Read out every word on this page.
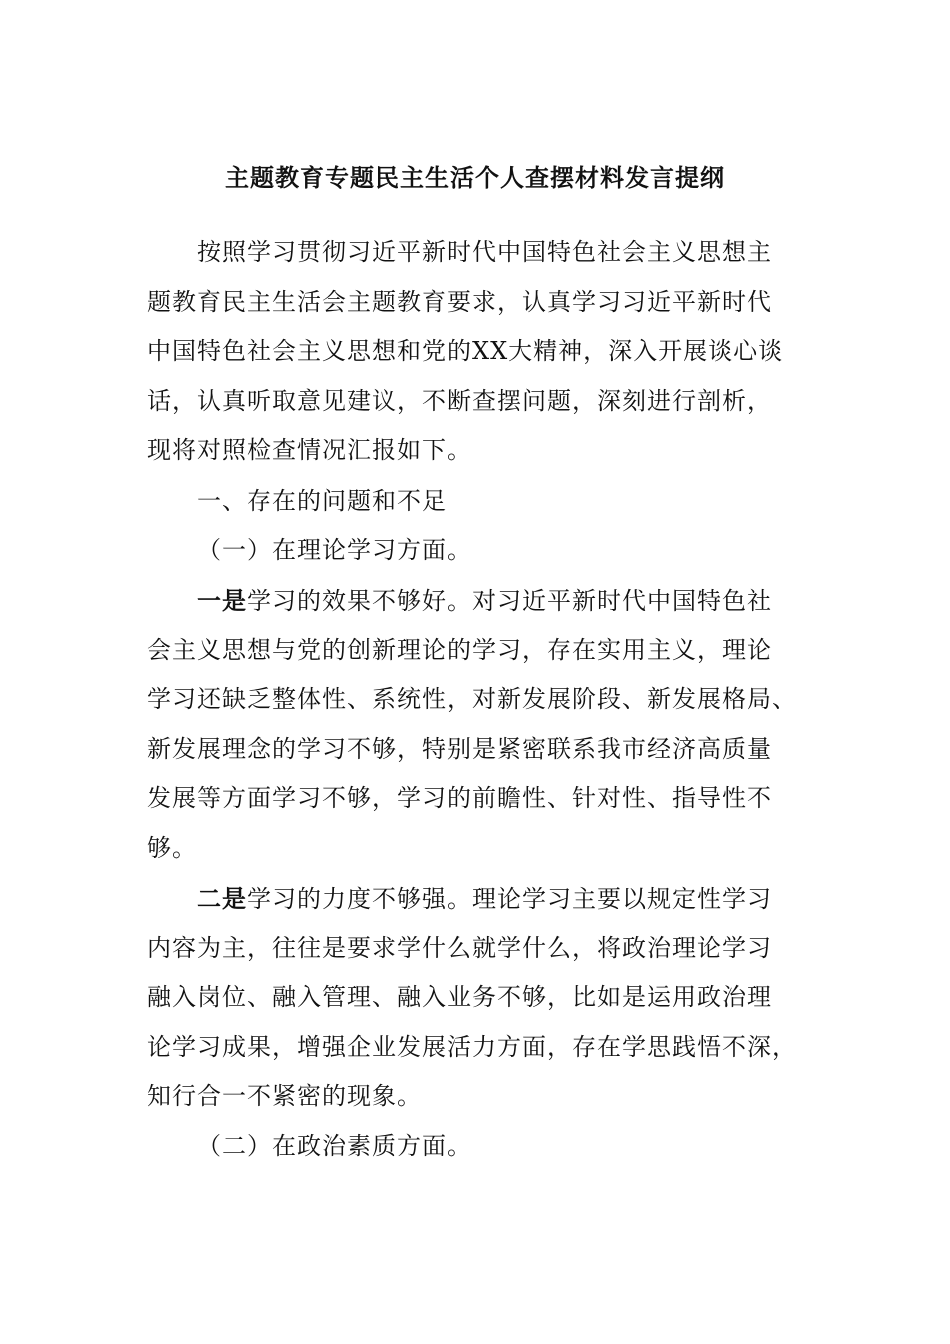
主题教育专题民主生活个人查摆材料发言提纲
按照学习贯彻习近平新时代中国特色社会主义思想主
题教育民主生活会主题教育要求，认真学习习近平新时代
中国特色社会主义思想和党的XX大精神，深入开展谈心谈
话，认真听取意见建议，不断查摆问题，深刻进行剖析，
现将对照检查情况汇报如下。
一、存在的问题和不足
（一）在理论学习方面。
一是学习的效果不够好。对习近平新时代中国特色社
会主义思想与党的创新理论的学习，存在实用主义，理论
学习还缺乏整体性、系统性，对新发展阶段、新发展格局、
新发展理念的学习不够，特别是紧密联系我市经济高质量
发展等方面学习不够，学习的前瞻性、针对性、指导性不
够。
二是学习的力度不够强。理论学习主要以规定性学习
内容为主，往往是要求学什么就学什么，将政治理论学习
融入岗位、融入管理、融入业务不够，比如是运用政治理
论学习成果，增强企业发展活力方面，存在学思践悟不深，
知行合一不紧密的现象。
（二）在政治素质方面。
